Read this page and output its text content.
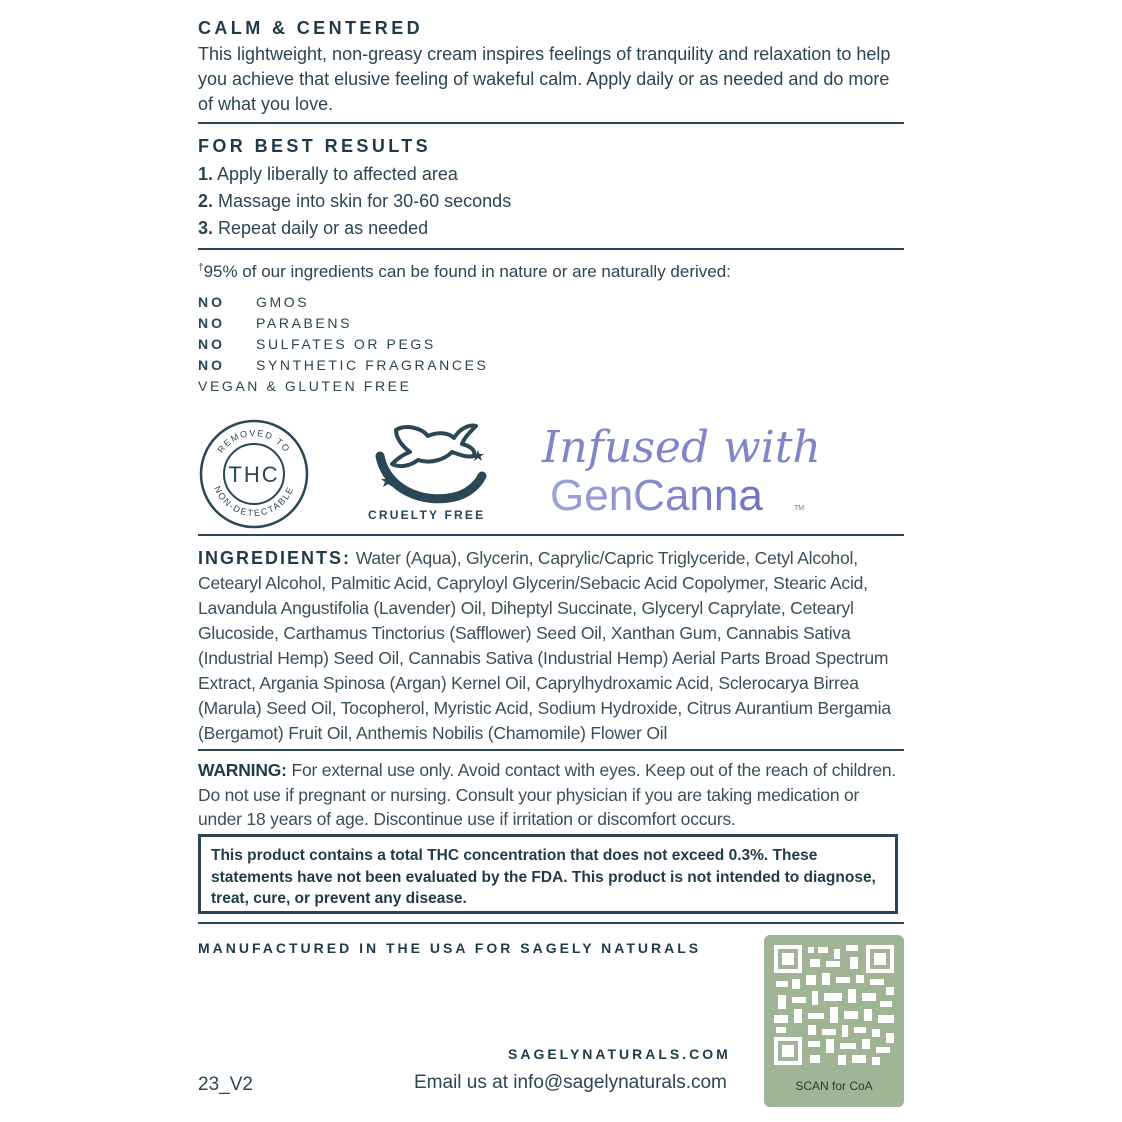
CALM & CENTERED
This lightweight, non-greasy cream inspires feelings of tranquility and relaxation to help you achieve that elusive feeling of wakeful calm. Apply daily or as needed and do more of what you love.
FOR BEST RESULTS
1. Apply liberally to affected area
2. Massage into skin for 30-60 seconds
3. Repeat daily or as needed
†95% of our ingredients can be found in nature or are naturally derived:
NO GMOS
NO PARABENS
NO SULFATES OR PEGS
NO SYNTHETIC FRAGRANCES
VEGAN & GLUTEN FREE
REMOVED TO
NON-DETECTABLE
THC
CRUELTY FREE
Infused with
GenCanna	TM
INGREDIENTS: Water (Aqua), Glycerin, Caprylic/Capric Triglyceride, Cetyl Alcohol, Cetearyl Alcohol, Palmitic Acid, Capryloyl Glycerin/Sebacic Acid Copolymer, Stearic Acid, Lavandula Angustifolia (Lavender) Oil, Diheptyl Succinate, Glyceryl Caprylate, Cetearyl Glucoside, Carthamus Tinctorius (Safflower) Seed Oil, Xanthan Gum, Cannabis Sativa (Industrial Hemp) Seed Oil, Cannabis Sativa (Industrial Hemp) Aerial Parts Broad Spectrum Extract, Argania Spinosa (Argan) Kernel Oil, Caprylhydroxamic Acid, Sclerocarya Birrea (Marula) Seed Oil, Tocopherol, Myristic Acid, Sodium Hydroxide, Citrus Aurantium Bergamia (Bergamot) Fruit Oil, Anthemis Nobilis (Chamomile) Flower Oil
WARNING: For external use only. Avoid contact with eyes. Keep out of the reach of children. Do not use if pregnant or nursing. Consult your physician if you are taking medication or under 18 years of age. Discontinue use if irritation or discomfort occurs.
This product contains a total THC concentration that does not exceed 0.3%. These statements have not been evaluated by the FDA. This product is not intended to diagnose, treat, cure, or prevent any disease.
MANUFACTURED IN THE USA FOR SAGELY NATURALS
SAGELYNATURALS.COM
23_V2	Email us at info@sagelynaturals.com	SCAN for CoA
